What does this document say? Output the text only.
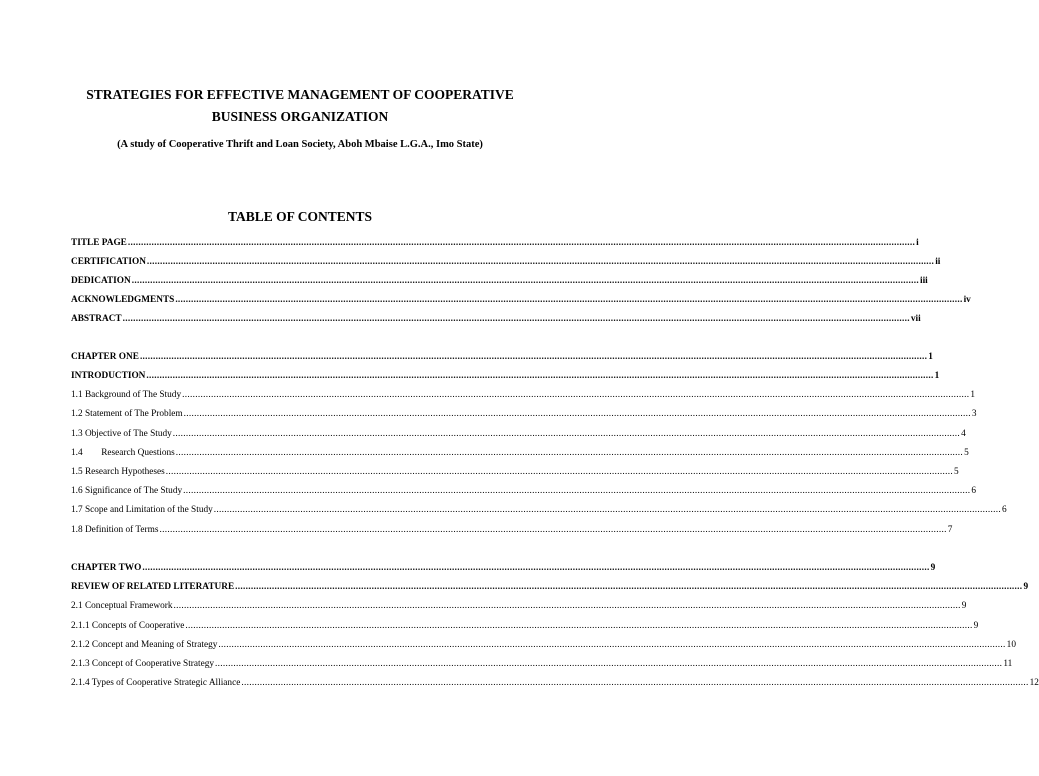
STRATEGIES FOR EFFECTIVE MANAGEMENT OF COOPERATIVE
BUSINESS ORGANIZATION
(A study of Cooperative Thrift and Loan Society, Aboh Mbaise L.G.A., Imo State)
TABLE OF CONTENTS
TITLE PAGE ............................................................................................................................................................................................................................................................................................................ i
CERTIFICATION ............................................................................................................................................................................................................................................................................................................ ii
DEDICATION ............................................................................................................................................................................................................................................................................................................ iii
ACKNOWLEDGMENTS ............................................................................................................................................................................................................................................................................................................ iv
ABSTRACT ............................................................................................................................................................................................................................................................................................................ vii
CHAPTER ONE ............................................................................................................................................................................................................................................................................................................ 1
INTRODUCTION ............................................................................................................................................................................................................................................................................................................ 1
1.1 Background of The Study ............................................................................................................................................................................................................................................................................................................ 1
1.2 Statement of The Problem ............................................................................................................................................................................................................................................................................................................ 3
1.3 Objective of The Study ............................................................................................................................................................................................................................................................................................................ 4
1.4        Research Questions ............................................................................................................................................................................................................................................................................................................ 5
1.5 Research Hypotheses ............................................................................................................................................................................................................................................................................................................ 5
1.6 Significance of The Study ............................................................................................................................................................................................................................................................................................................ 6
1.7 Scope and Limitation of the Study ............................................................................................................................................................................................................................................................................................................ 6
1.8 Definition of Terms ............................................................................................................................................................................................................................................................................................................ 7
CHAPTER TWO ............................................................................................................................................................................................................................................................................................................ 9
REVIEW OF RELATED LITERATURE ............................................................................................................................................................................................................................................................................................................ 9
2.1 Conceptual Framework ............................................................................................................................................................................................................................................................................................................ 9
2.1.1 Concepts of Cooperative ............................................................................................................................................................................................................................................................................................................ 9
2.1.2 Concept and Meaning of Strategy ............................................................................................................................................................................................................................................................................................................ 10
2.1.3 Concept of Cooperative Strategy ............................................................................................................................................................................................................................................................................................................ 11
2.1.4 Types of Cooperative Strategic Alliance ............................................................................................................................................................................................................................................................................................................ 12
